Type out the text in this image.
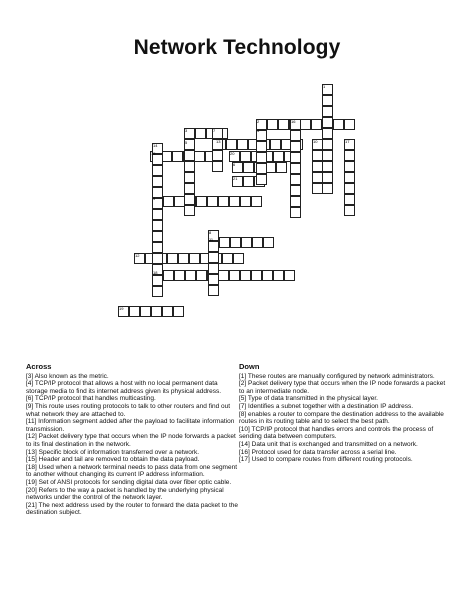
Network Technology
1
2
3	4
5
6
7
8
9
10
11
12
13
14
15
16
17
18
19
20
21
Across
[3] Also known as the metric.
[4] TCP/IP protocol that allows a host with no local permanent data storage media to find its internet address given its physical address.
[6] TCP/IP protocol that handles multicasting.
[9] This route uses routing protocols to talk to other routers and find out what network they are attached to.
[11] Information segment added after the payload to facilitate information transmission.
[12] Packet delivery type that occurs when the IP node forwards a packet to its final destination in the network.
[13] Specific block of information transferred over a network.
[15] Header and tail are removed to obtain the data payload.
[18] Used when a network terminal needs to pass data from one segment to another without changing its current IP address information.
[19] Set of ANSI protocols for sending digital data over fiber optic cable.
[20] Refers to the way a packet is handled by the underlying physical networks under the control of the network layer.
[21] The next address used by the router to forward the data packet to the destination subject.
Down
[1] These routes are manually configured by network administrators.
[2] Packet delivery type that occurs when the IP node forwards a packet to an intermediate node.
[5] Type of data transmitted in the physical layer.
[7] Identifies a subnet together with a destination IP address.
[8] enables a router to compare the destination address to the available routes in its routing table and to select the best path.
[10] TCP/IP protocol that handles errors and controls the process of sending data between computers.
[14] Data unit that is exchanged and transmitted on a network.
[16] Protocol used for data transfer across a serial line.
[17] Used to compare routes from different routing protocols.
